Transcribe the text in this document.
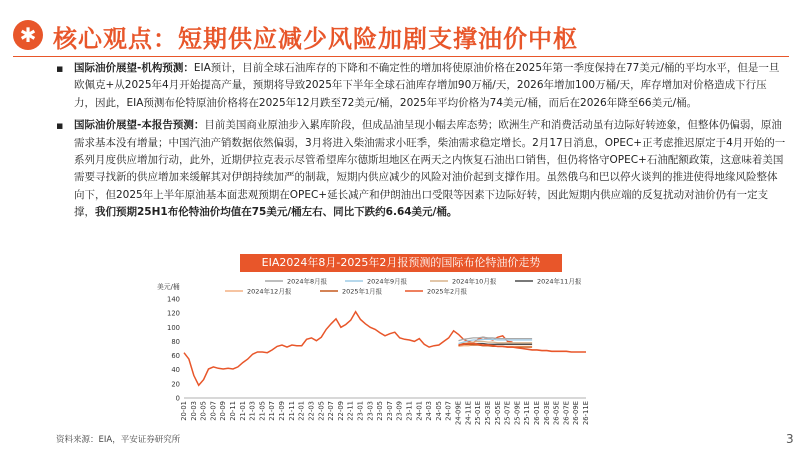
✱ 核心观点：短期供应减少风险加剧支撑油价中枢
▪ 国际油价展望-机构预测：EIA预计，目前全球石油库存的下降和不确定性的增加将使原油价格在2025年第一季度保持在77美元/桶的平均水平，但是一旦欧佩克+从2025年4月开始提高产量，预期将导致2025年下半年全球石油库存增加90万桶/天，2026年增加100万桶/天，库存增加对价格造成下行压力，因此，EIA预测布伦特原油价格将在2025年12月跌至72美元/桶，2025年平均价格为74美元/桶，而后在2026年降至66美元/桶。
▪ 国际油价展望-本报告预测：目前美国商业原油步入累库阶段，但成品油呈现小幅去库态势；欧洲生产和消费活动虽有边际好转迹象，但整体仍偏弱，原油需求基本没有增量；中国汽油产销数据依然偏弱，3月将进入柴油需求小旺季，柴油需求稳定增长。2月17日消息，OPEC+正考虑推迟原定于4月开始的一系列月度供应增加行动，此外，近期伊拉克表示尽管希望库尔德斯坦地区在两天之内恢复石油出口销售，但仍将恪守OPEC+石油配额政策，这意味着美国需要寻找新的供应增加来缓解其对伊朗持续加严的制裁，短期内供应减少的风险对油价起到支撑作用。虽然俄乌和巴以停火谈判的推进使得地缘风险整体向下，但2025年上半年原油基本面悲观预期在OPEC+延长减产和伊朗油出口受限等因素下边际好转，因此短期内供应端的反复扰动对油价仍有一定支撑，我们预期25H1布伦特油价均值在75美元/桶左右、同比下跌约6.64美元/桶。
EIA2024年8月-2025年2月报预测的国际布伦特油价走势
美元/桶
0
20
40
60
80
100
120
140
20-01 20-03 20-05 20-07 20-09 20-11 21-01 21-03 21-05 21-07 21-09 21-11 22-01 22-03 22-05 22-07 22-09 22-11 23-01 23-03 23-05 23-07 23-09 23-11 24-01 24-03 24-05 24-07 24-09E 24-11E 25-01E 25-03E 25-05E 25-07E 25-09E 25-11E 26-01E 26-03E 26-05E 26-07E 26-09E 26-11E
2024年8月报	2024年9月报	2024年10月报	2024年11月报
2024年12月报	2025年1月报	2025年2月报
资料来源：EIA，平安证券研究所	3
